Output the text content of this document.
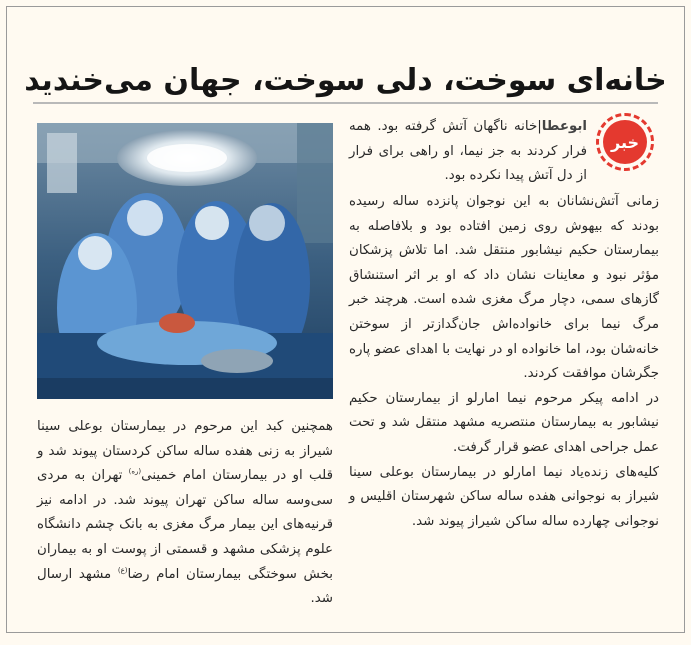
خانه‌ای سوخت، دلی سوخت، جهان می‌خندید
خبر

ابوعطا|خانه ناگهان آتش گرفته بود. همه فرار کردند به جز نیما، او راهی برای فرار از دل آتش پیدا نکرده بود.

زمانی آتش‌نشانان به این نوجوان پانزده ساله رسیده بودند که بیهوش روی زمین افتاده بود و بلافاصله به بیمارستان حکیم نیشابور منتقل شد. اما تلاش پزشکان مؤثر نبود و معاینات نشان داد که او بر اثر استنشاق گازهای سمی، دچار مرگ مغزی شده است. هرچند خبر مرگ نیما برای خانواده‌اش جان‌گدازتر از سوختن خانه‌شان بود، اما خانواده او در نهایت با اهدای عضو پاره جگرشان موافقت کردند.

در ادامه پیکر مرحوم نیما امارلو از بیمارستان حکیم نیشابور به بیمارستان منتصریه مشهد منتقل شد و تحت عمل جراحی اهدای عضو قرار گرفت.

کلیه‌های زنده‌یاد نیما امارلو در بیمارستان بوعلی سینا شیراز به نوجوانی هفده ساله ساکن شهرستان اقلیس و نوجوانی چهارده ساله ساکن شیراز پیوند شد.

همچنین کبد این مرحوم در بیمارستان بوعلی سینا شیراز به زنی هفده ساله ساکن کردستان پیوند شد و قلب او در بیمارستان امام خمینی$^{(ره)}$ تهران به مردی سی‌وسه ساله ساکن تهران پیوند شد. در ادامه نیز قرنیه‌های این بیمار مرگ مغزی به بانک چشم دانشگاه علوم پزشکی مشهد و قسمتی از پوست او به بیماران بخش سوختگی بیمارستان امام رضا$^{(ع)}$ مشهد ارسال شد.
